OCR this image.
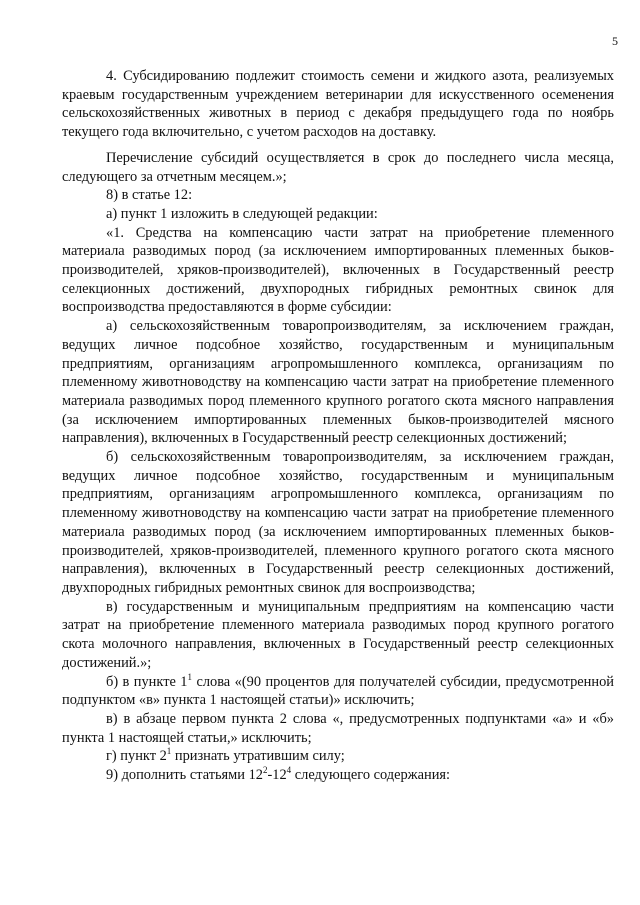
5

4. Субсидированию подлежит стоимость семени и жидкого азота, реализуемых краевым государственным учреждением ветеринарии для искусственного осеменения сельскохозяйственных животных в период с декабря предыдущего года по ноябрь текущего года включительно, с учетом расходов на доставку.

Перечисление субсидий осуществляется в срок до последнего числа месяца, следующего за отчетным месяцем.»;

8) в статье 12:

а) пункт 1 изложить в следующей редакции:

«1. Средства на компенсацию части затрат на приобретение племенного материала разводимых пород (за исключением импортированных племенных быков-производителей, хряков-производителей), включенных в Государственный реестр селекционных достижений, двухпородных гибридных ремонтных свинок для воспроизводства предоставляются в форме субсидии:

а) сельскохозяйственным товаропроизводителям, за исключением граждан, ведущих личное подсобное хозяйство, государственным и муниципальным предприятиям, организациям агропромышленного комплекса, организациям по племенному животноводству на компенсацию части затрат на приобретение племенного материала разводимых пород племенного крупного рогатого скота мясного направления (за исключением импортированных племенных быков-производителей мясного направления), включенных в Государственный реестр селекционных достижений;

б) сельскохозяйственным товаропроизводителям, за исключением граждан, ведущих личное подсобное хозяйство, государственным и муниципальным предприятиям, организациям агропромышленного комплекса, организациям по племенному животноводству на компенсацию части затрат на приобретение племенного материала разводимых пород (за исключением импортированных племенных быков-производителей, хряков-производителей, племенного крупного рогатого скота мясного направления), включенных в Государственный реестр селекционных достижений, двухпородных гибридных ремонтных свинок для воспроизводства;

в) государственным и муниципальным предприятиям на компенсацию части затрат на приобретение племенного материала разводимых пород крупного рогатого скота молочного направления, включенных в Государственный реестр селекционных достижений.»;

б) в пункте $1^1$ слова «(90 процентов для получателей субсидии, предусмотренной подпунктом «в» пункта 1 настоящей статьи)» исключить;

в) в абзаце первом пункта 2 слова «, предусмотренных подпунктами «а» и «б» пункта 1 настоящей статьи,» исключить;

г) пункт $2^1$ признать утратившим силу;

9) дополнить статьями $12^2-12^4$ следующего содержания:
